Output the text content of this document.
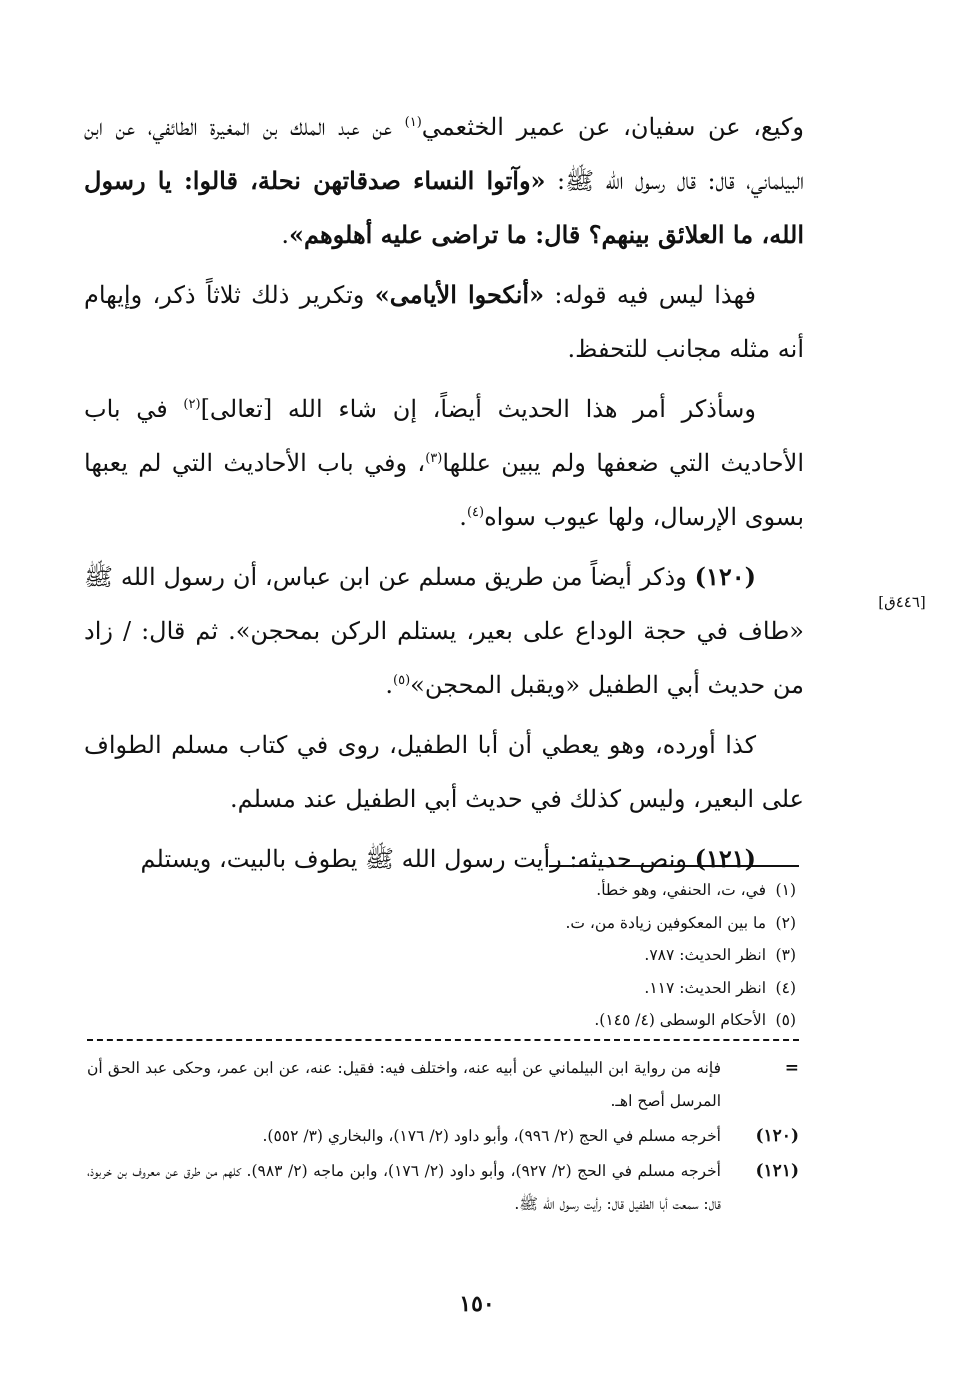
وكيع، عن سفيان، عن عمير الخثعمي$^{(١)}$ عن عبد الملك بن المغيرة الطائفي، عن ابن البيلماني، قال: قال رسول الله ﷺ: «وآتوا النساء صدقاتهن نحلة، قالوا: يا رسول الله، ما العلائق بينهم؟ قال: ما تراضى عليه أهلوهم».

فهذا ليس فيه قوله: «أنكحوا الأيامى» وتكرير ذلك ثلاثاً ذكر، وإيهام أنه مثله مجانب للتحفظ.

وسأذكر أمر هذا الحديث أيضاً، إن شاء الله [تعالى]$^{(٢)}$ في باب الأحاديث التي ضعفها ولم يبين عللها$^{(٣)}$، وفي باب الأحاديث التي لم يعبها بسوى الإرسال، ولها عيوب سواه$^{(٤)}$.

(١٢٠) وذكر أيضاً من طريق مسلم عن ابن عباس، أن رسول الله ﷺ «طاف في حجة الوداع على بعير، يستلم الركن بمحجن». ثم قال: / زاد من حديث أبي الطفيل «ويقبل المحجن»$^{(٥)}$.

كذا أورده، وهو يعطي أن أبا الطفيل، روى في كتاب مسلم الطواف على البعير، وليس كذلك في حديث أبي الطفيل عند مسلم.

(١٢١) ونص حديثه: رأيت رسول الله ﷺ يطوف بالبيت، ويستلم

[٤٤٦ق]
(١)في، ت، الحنفي، وهو خطأ.
(٢)ما بين المعكوفين زيادة من، ت.
(٣)انظر الحديث: ٧٨٧.
(٤)انظر الحديث: ١١٧.
(٥)الأحكام الوسطى (٤/ ١٤٥).
=
فإنه من رواية ابن البيلماني عن أبيه عنه، واختلف فيه: فقيل: عنه، عن ابن عمر، وحكى عبد الحق أن المرسل أصح اهـ.
(١٢٠)
أخرجه مسلم في الحج (٢/ ٩٩٦)، وأبو داود (٢/ ١٧٦)، والبخاري (٣/ ٥٥٢).
(١٢١)
أخرجه مسلم في الحج (٢/ ٩٢٧)، وأبو داود (٢/ ١٧٦)، وابن ماجه (٢/ ٩٨٣). كلهم من طرق عن معروف بن خربوذ، قال: سمعت أبا الطفيل قال: رأيت رسول الله ﷺ.
١٥٠
